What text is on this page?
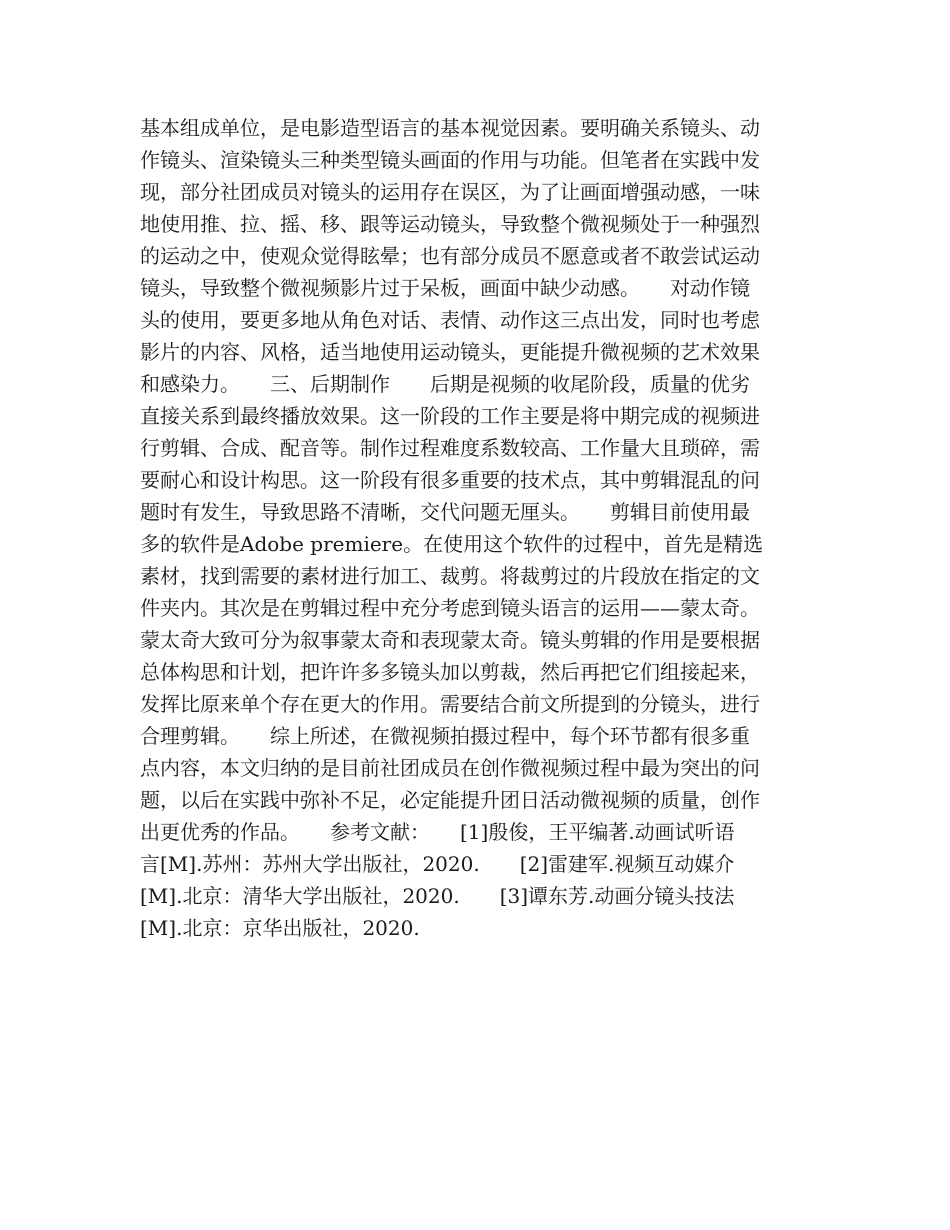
基本组成单位，是电影造型语言的基本视觉因素。要明确关系镜头、动
作镜头、渲染镜头三种类型镜头画面的作用与功能。但笔者在实践中发
现，部分社团成员对镜头的运用存在误区，为了让画面增强动感，一味
地使用推、拉、摇、移、跟等运动镜头，导致整个微视频处于一种强烈
的运动之中，使观众觉得眩晕；也有部分成员不愿意或者不敢尝试运动
镜头，导致整个微视频影片过于呆板，画面中缺少动感。　　对动作镜
头的使用，要更多地从角色对话、表情、动作这三点出发，同时也考虑
影片的内容、风格，适当地使用运动镜头，更能提升微视频的艺术效果
和感染力。　　三、后期制作　　后期是视频的收尾阶段，质量的优劣
直接关系到最终播放效果。这一阶段的工作主要是将中期完成的视频进
行剪辑、合成、配音等。制作过程难度系数较高、工作量大且琐碎，需
要耐心和设计构思。这一阶段有很多重要的技术点，其中剪辑混乱的问
题时有发生，导致思路不清晰，交代问题无厘头。　　剪辑目前使用最
多的软件是Adobe premiere。在使用这个软件的过程中，首先是精选
素材，找到需要的素材进行加工、裁剪。将裁剪过的片段放在指定的文
件夹内。其次是在剪辑过程中充分考虑到镜头语言的运用——蒙太奇。
蒙太奇大致可分为叙事蒙太奇和表现蒙太奇。镜头剪辑的作用是要根据
总体构思和计划，把许许多多镜头加以剪裁，然后再把它们组接起来，
发挥比原来单个存在更大的作用。需要结合前文所提到的分镜头，进行
合理剪辑。　　综上所述，在微视频拍摄过程中，每个环节都有很多重
点内容，本文归纳的是目前社团成员在创作微视频过程中最为突出的问
题，以后在实践中弥补不足，必定能提升团日活动微视频的质量，创作
出更优秀的作品。　　参考文献：　　[1]殷俊，王平编著.动画试听语
言[M].苏州：苏州大学出版社，2020.　　[2]雷建军.视频互动媒介
[M].北京：清华大学出版社，2020.　　[3]谭东芳.动画分镜头技法
[M].北京：京华出版社，2020.
